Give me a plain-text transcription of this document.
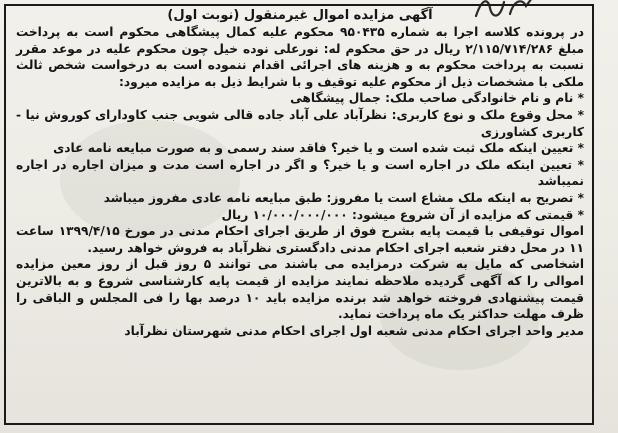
آگهی مزایده اموال غیرمنقول (نوبت اول)

در پرونده کلاسه اجرا به شماره ۹۵۰۴۳۵ محکوم علیه کمال پیشگاهی محکوم است به پرداخت مبلغ ۲/۱۱۵/۷۱۴/۲۸۶ ریال در حق محکوم له: نورعلی نوده خیل چون محکوم علیه در موعد مقرر نسبت به پرداخت محکوم به و هزینه های اجرائی اقدام ننموده است به درخواست شخص ثالث ملکی با مشخصات ذیل از محکوم علیه توقیف و با شرایط ذیل به مزایده میرود:

* نام و نام خانوادگی صاحب ملک: جمال پیشگاهی

* محل وقوع ملک و نوع کاربری: نظرآباد علی آباد جاده قالی شویی جنب کاودارای کوروش نیا - کاربری کشاورزی

* تعیین اینکه ملک ثبت شده است و یا خیر؟ فاقد سند رسمی و به صورت مبایعه نامه عادی

* تعیین اینکه ملک در اجاره است و یا خیر؟ و اگر در اجاره است مدت و میزان اجاره در اجاره نمیباشد

* تصریح به اینکه ملک مشاع است یا مفروز: طبق مبایعه نامه عادی مفروز میباشد

* قیمتی که مزایده از آن شروع میشود: ۱۰/۰۰۰/۰۰۰/۰۰۰ ریال

اموال توقیفی با قیمت پایه بشرح فوق از طریق اجرای احکام مدنی در مورخ ۱۳۹۹/۴/۱۵ ساعت ۱۱ در محل دفتر شعبه اجرای احکام مدنی دادگستری نظرآباد به فروش خواهد رسید.

اشخاصی که مایل به شرکت درمزایده می باشند می توانند ۵ روز قبل از روز معین مزایده اموالی را که آگهی گردیده ملاحظه نمایند مزایده از قیمت پایه کارشناسی شروع و به بالاترین قیمت پیشنهادی فروخته خواهد شد برنده مزایده باید ۱۰ درصد بها را فی المجلس و الباقی را ظرف مهلت حداکثر یک ماه پرداخت نماید.

مدیر واحد اجرای احکام مدنی شعبه اول اجرای احکام مدنی شهرستان نظرآباد
